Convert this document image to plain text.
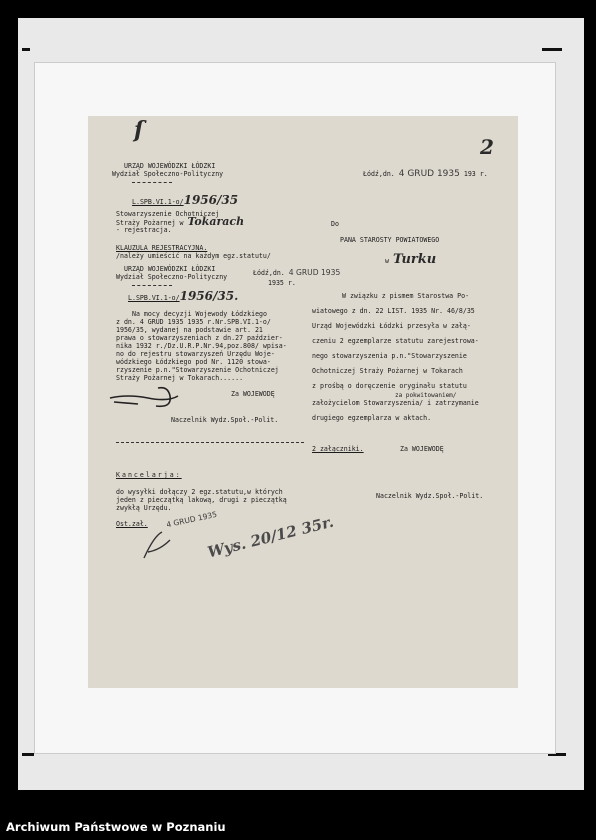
ſ
URZĄD WOJEWÓDZKI ŁÓDZKI
Wydział Społeczno-Polityczny
L.SPB.VI.1-o/1956/35
Stowarzyszenie Ochotniczej
Straży Pożarnej w Tokarach
- rejestracja.
KLAUZULA REJESTRACYJNA.
/należy umieścić na każdym egz.statutu/
URZĄD WOJEWÓDZKI ŁÓDZKI
Wydział Społeczno-Polityczny	Łódź,dn. 4 GRUD 1935
1935 r.
L.SPB.VI.1-o/1956/35.
Na mocy decyzji Wojewody Łódzkiego
z dn. 4 GRUD 1935 1935 r.Nr.SPB.VI.1-o/
1956/35, wydanej na podstawie art. 21
prawa o stowarzyszeniach z dn.27 paździer-
nika 1932 r./Dz.U.R.P.Nr.94,poz.808/ wpisa-
no do rejestru stowarzyszeń Urzędu Woje-
wódzkiego Łódzkiego pod Nr. 1120 stowa-
rzyszenie p.n."Stowarzyszenie Ochotniczej
Straży Pożarnej w Tokarach......
Za WOJEWODĘ
Naczelnik Wydz.Społ.-Polit.
Łódź,dn. 4 GRUD 1935 193 r.
2
Do
PANA STAROSTY POWIATOWEGO
w Turku
W związku z pismem Starostwa Po-
wiatowego z dn. 22 LIST. 1935 Nr. 46/8/35
Urząd Wojewódzki Łódzki przesyła w załą-
czeniu 2 egzemplarze statutu zarejestrowa-
nego stowarzyszenia p.n."Stowarzyszenie
Ochotniczej Straży Pożarnej w Tokarach
z prośbą o doręczenie oryginału statutu
za pokwitowaniem/
założycielom Stowarzyszenia/ i zatrzymanie
drugiego egzemplarza w aktach.
2 załączniki.	Za WOJEWODĘ
Naczelnik Wydz.Społ.-Polit.
Kancelarja:
do wysyłki dołączy 2 egz.statutu,w których
jeden z pieczątką lakową, drugi z pieczątką
zwykłą Urzędu.
Ost.zał. 4 GRUD 1935
Wys. 20/12 35r.
Archiwum Państwowe w Poznaniu
